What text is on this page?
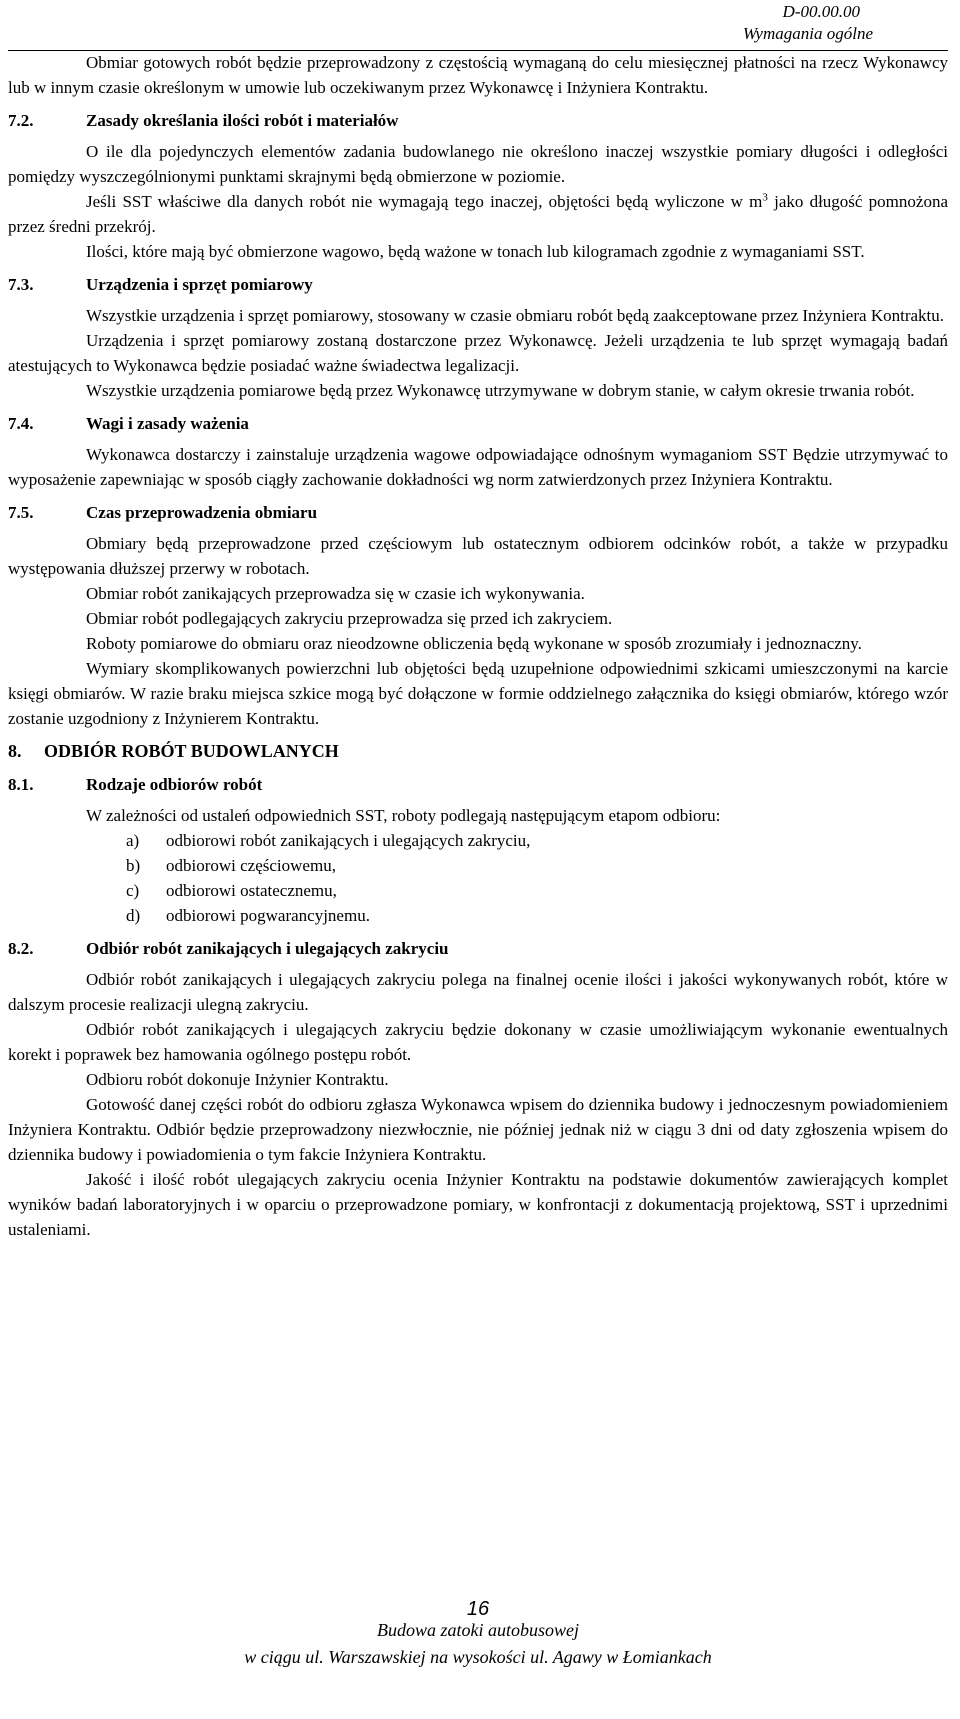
D-00.00.00
Wymagania ogólne

Obmiar gotowych robót będzie przeprowadzony z częstością wymaganą do celu miesięcznej płatności na rzecz Wykonawcy lub w innym czasie określonym w umowie lub oczekiwanym przez Wykonawcę i Inżyniera Kontraktu.

7.2.	Zasady określania ilości robót i materiałów

O ile dla pojedynczych elementów zadania budowlanego nie określono inaczej wszystkie pomiary długości i odległości pomiędzy wyszczególnionymi punktami skrajnymi będą obmierzone w poziomie.

Jeśli SST właściwe dla danych robót nie wymagają tego inaczej, objętości będą wyliczone w $m^3$ jako długość pomnożona przez średni przekrój.

Ilości, które mają być obmierzone wagowo, będą ważone w tonach lub kilogramach zgodnie z wymaganiami SST.

7.3.	Urządzenia i sprzęt pomiarowy

Wszystkie urządzenia i sprzęt pomiarowy, stosowany w czasie obmiaru robót będą zaakceptowane przez Inżyniera Kontraktu.

Urządzenia i sprzęt pomiarowy zostaną dostarczone przez Wykonawcę. Jeżeli urządzenia te lub sprzęt wymagają badań atestujących to Wykonawca będzie posiadać ważne świadectwa legalizacji.

Wszystkie urządzenia pomiarowe będą przez Wykonawcę utrzymywane w dobrym stanie, w całym okresie trwania robót.

7.4.	Wagi i zasady ważenia

Wykonawca dostarczy i zainstaluje urządzenia wagowe odpowiadające odnośnym wymaganiom SST Będzie utrzymywać to wyposażenie zapewniając w sposób ciągły zachowanie dokładności wg norm zatwierdzonych przez Inżyniera Kontraktu.

7.5.	Czas przeprowadzenia obmiaru

Obmiary będą przeprowadzone przed częściowym lub ostatecznym odbiorem odcinków robót, a także w przypadku występowania dłuższej przerwy w robotach.

Obmiar robót zanikających przeprowadza się w czasie ich wykonywania.

Obmiar robót podlegających zakryciu przeprowadza się przed ich zakryciem.

Roboty pomiarowe do obmiaru oraz nieodzowne obliczenia będą wykonane w sposób zrozumiały i jednoznaczny.

Wymiary skomplikowanych powierzchni lub objętości będą uzupełnione odpowiednimi szkicami umieszczonymi na karcie księgi obmiarów. W razie braku miejsca szkice mogą być dołączone w formie oddzielnego załącznika do księgi obmiarów, którego wzór zostanie uzgodniony z Inżynierem Kontraktu.

8.	ODBIÓR ROBÓT BUDOWLANYCH
8.1.	Rodzaje odbiorów robót

W zależności od ustaleń odpowiednich SST, roboty podlegają następującym etapom odbioru:

a)	odbiorowi robót zanikających i ulegających zakryciu,
b)	odbiorowi częściowemu,
c)	odbiorowi ostatecznemu,
d)	odbiorowi pogwarancyjnemu.
8.2.	Odbiór robót zanikających i ulegających zakryciu

Odbiór robót zanikających i ulegających zakryciu polega na finalnej ocenie ilości i jakości wykonywanych robót, które w dalszym procesie realizacji ulegną zakryciu.

Odbiór robót zanikających i ulegających zakryciu będzie dokonany w czasie umożliwiającym wykonanie ewentualnych korekt i poprawek bez hamowania ogólnego postępu robót.

Odbioru robót dokonuje Inżynier Kontraktu.

Gotowość danej części robót do odbioru zgłasza Wykonawca wpisem do dziennika budowy i jednoczesnym powiadomieniem Inżyniera Kontraktu. Odbiór będzie przeprowadzony niezwłocznie, nie później jednak niż w ciągu 3 dni od daty zgłoszenia wpisem do dziennika budowy i powiadomienia o tym fakcie Inżyniera Kontraktu.

Jakość i ilość robót ulegających zakryciu ocenia Inżynier Kontraktu na podstawie dokumentów zawierających komplet wyników badań laboratoryjnych i w oparciu o przeprowadzone pomiary, w konfrontacji z dokumentacją projektową, SST i uprzednimi ustaleniami.

16
Budowa zatoki autobusowej
w ciągu ul. Warszawskiej na wysokości ul. Agawy w Łomiankach
